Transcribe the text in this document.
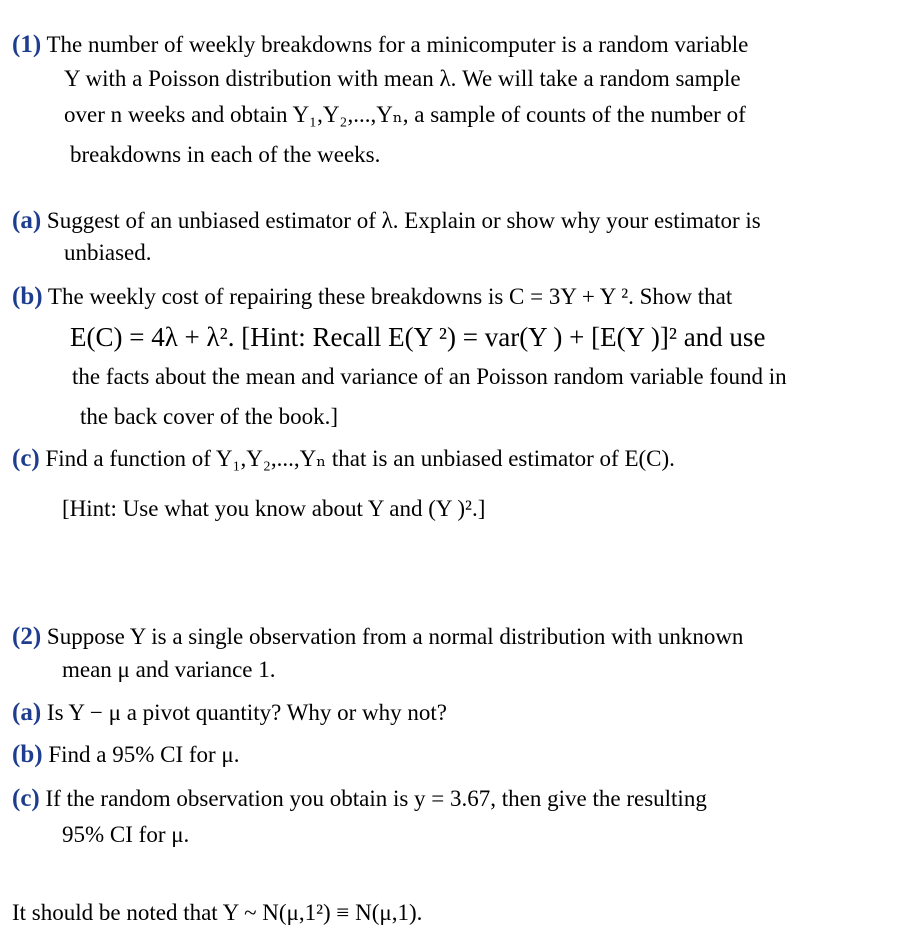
(1) The number of weekly breakdowns for a minicomputer is a random variable
Y with a Poisson distribution with mean λ. We will take a random sample
over n weeks and obtain Y₁,Y₂,...,Yₙ, a sample of counts of the number of
breakdowns in each of the weeks.
(a) Suggest of an unbiased estimator of λ. Explain or show why your estimator is
unbiased.
(b) The weekly cost of repairing these breakdowns is C = 3Y + Y ². Show that
E(C) = 4λ + λ². [Hint: Recall E(Y ²) = var(Y ) + [E(Y )]² and use
the facts about the mean and variance of an Poisson random variable found in
the back cover of the book.]
(c) Find a function of Y₁,Y₂,...,Yₙ that is an unbiased estimator of E(C).
[Hint: Use what you know about Y and (Y )².]
(2) Suppose Y is a single observation from a normal distribution with unknown
mean μ and variance 1.
(a) Is Y − μ a pivot quantity? Why or why not?
(b) Find a 95% CI for μ.
(c) If the random observation you obtain is y = 3.67, then give the resulting
95% CI for μ.
It should be noted that Y ~ N(μ,1²) ≡ N(μ,1).
